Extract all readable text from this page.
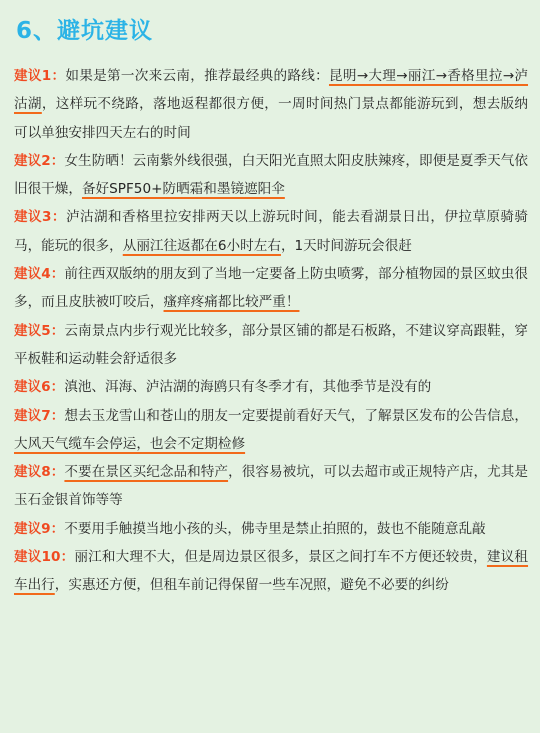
6、避坑建议
建议1：如果是第一次来云南，推荐最经典的路线：昆明→大理→丽江→香格里拉→泸沽湖，这样玩不绕路，落地返程都很方便，一周时间热门景点都能游玩到，想去版纳可以单独安排四天左右的时间
建议2：女生防晒！云南紫外线很强，白天阳光直照太阳皮肤辣疼，即便是夏季天气依旧很干燥，备好SPF50+防晒霜和墨镜遮阳伞
建议3：泸沽湖和香格里拉安排两天以上游玩时间，能去看湖景日出，伊拉草原骑骑马，能玩的很多，从丽江往返都在6小时左右，1天时间游玩会很赶
建议4：前往西双版纳的朋友到了当地一定要备上防虫喷雾，部分植物园的景区蚊虫很多，而且皮肤被叮咬后，瘙痒疼痛都比较严重！
建议5：云南景点内步行观光比较多，部分景区铺的都是石板路，不建议穿高跟鞋，穿平板鞋和运动鞋会舒适很多
建议6：滇池、洱海、泸沽湖的海鸥只有冬季才有，其他季节是没有的
建议7：想去玉龙雪山和苍山的朋友一定要提前看好天气，了解景区发布的公告信息，大风天气缆车会停运，也会不定期检修
建议8：不要在景区买纪念品和特产，很容易被坑，可以去超市或正规特产店，尤其是玉石金银首饰等等
建议9：不要用手触摸当地小孩的头，佛寺里是禁止拍照的，鼓也不能随意乱敲
建议10：丽江和大理不大，但是周边景区很多，景区之间打车不方便还较贵，建议租车出行，实惠还方便，但租车前记得保留一些车况照，避免不必要的纠纷
